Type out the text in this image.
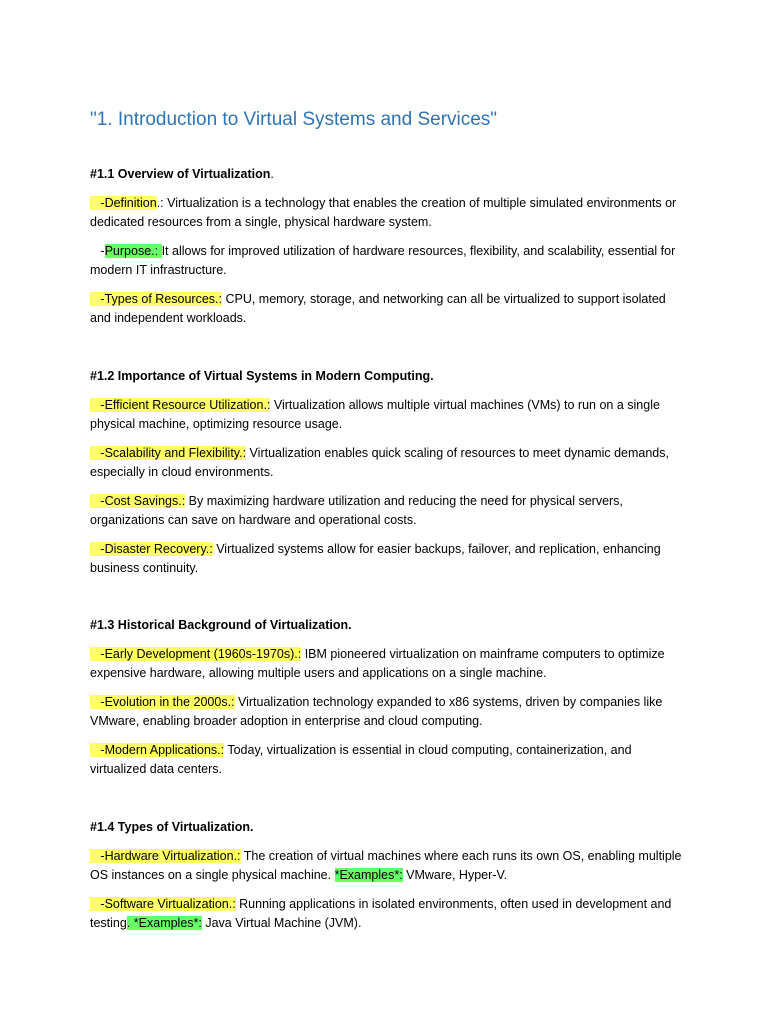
"1. Introduction to Virtual Systems and Services"

#1.1 Overview of Virtualization.

-Definition.: Virtualization is a technology that enables the creation of multiple simulated environments or dedicated resources from a single, physical hardware system.

-Purpose.: It allows for improved utilization of hardware resources, flexibility, and scalability, essential for modern IT infrastructure.

-Types of Resources.: CPU, memory, storage, and networking can all be virtualized to support isolated and independent workloads.

#1.2 Importance of Virtual Systems in Modern Computing.

-Efficient Resource Utilization.: Virtualization allows multiple virtual machines (VMs) to run on a single physical machine, optimizing resource usage.

-Scalability and Flexibility.: Virtualization enables quick scaling of resources to meet dynamic demands, especially in cloud environments.

-Cost Savings.: By maximizing hardware utilization and reducing the need for physical servers, organizations can save on hardware and operational costs.

-Disaster Recovery.: Virtualized systems allow for easier backups, failover, and replication, enhancing business continuity.

#1.3 Historical Background of Virtualization.

-Early Development (1960s-1970s).: IBM pioneered virtualization on mainframe computers to optimize expensive hardware, allowing multiple users and applications on a single machine.

-Evolution in the 2000s.: Virtualization technology expanded to x86 systems, driven by companies like VMware, enabling broader adoption in enterprise and cloud computing.

-Modern Applications.: Today, virtualization is essential in cloud computing, containerization, and virtualized data centers.

#1.4 Types of Virtualization.

-Hardware Virtualization.: The creation of virtual machines where each runs its own OS, enabling multiple OS instances on a single physical machine. *Examples*: VMware, Hyper-V.

-Software Virtualization.: Running applications in isolated environments, often used in development and testing. *Examples*: Java Virtual Machine (JVM).
